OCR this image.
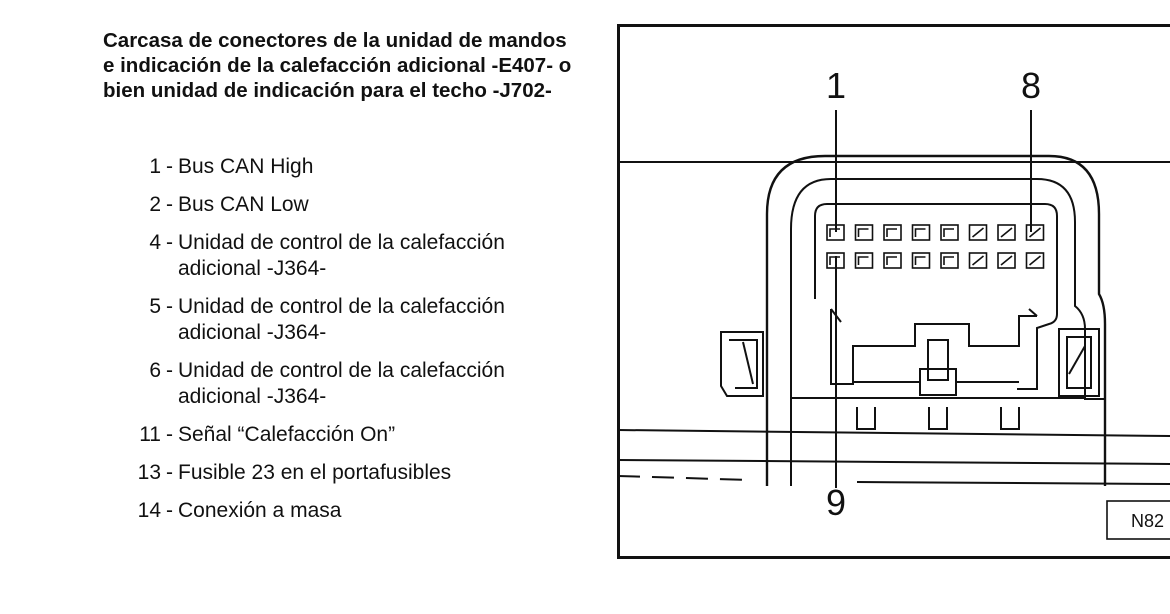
Carcasa de conectores de la unidad de mandos e indicación de la calefacción adicional -E407- o bien unidad de indicación para el techo -J702-
1 - Bus CAN High
2 - Bus CAN Low
4 - Unidad de control de la calefacción adicional -J364-
5 - Unidad de control de la calefacción adicional -J364-
6 - Unidad de control de la calefacción adicional -J364-
11 - Señal “Calefacción On”
13 - Fusible 23 en el portafusibles
14 - Conexión a masa
1	8
9	N82
